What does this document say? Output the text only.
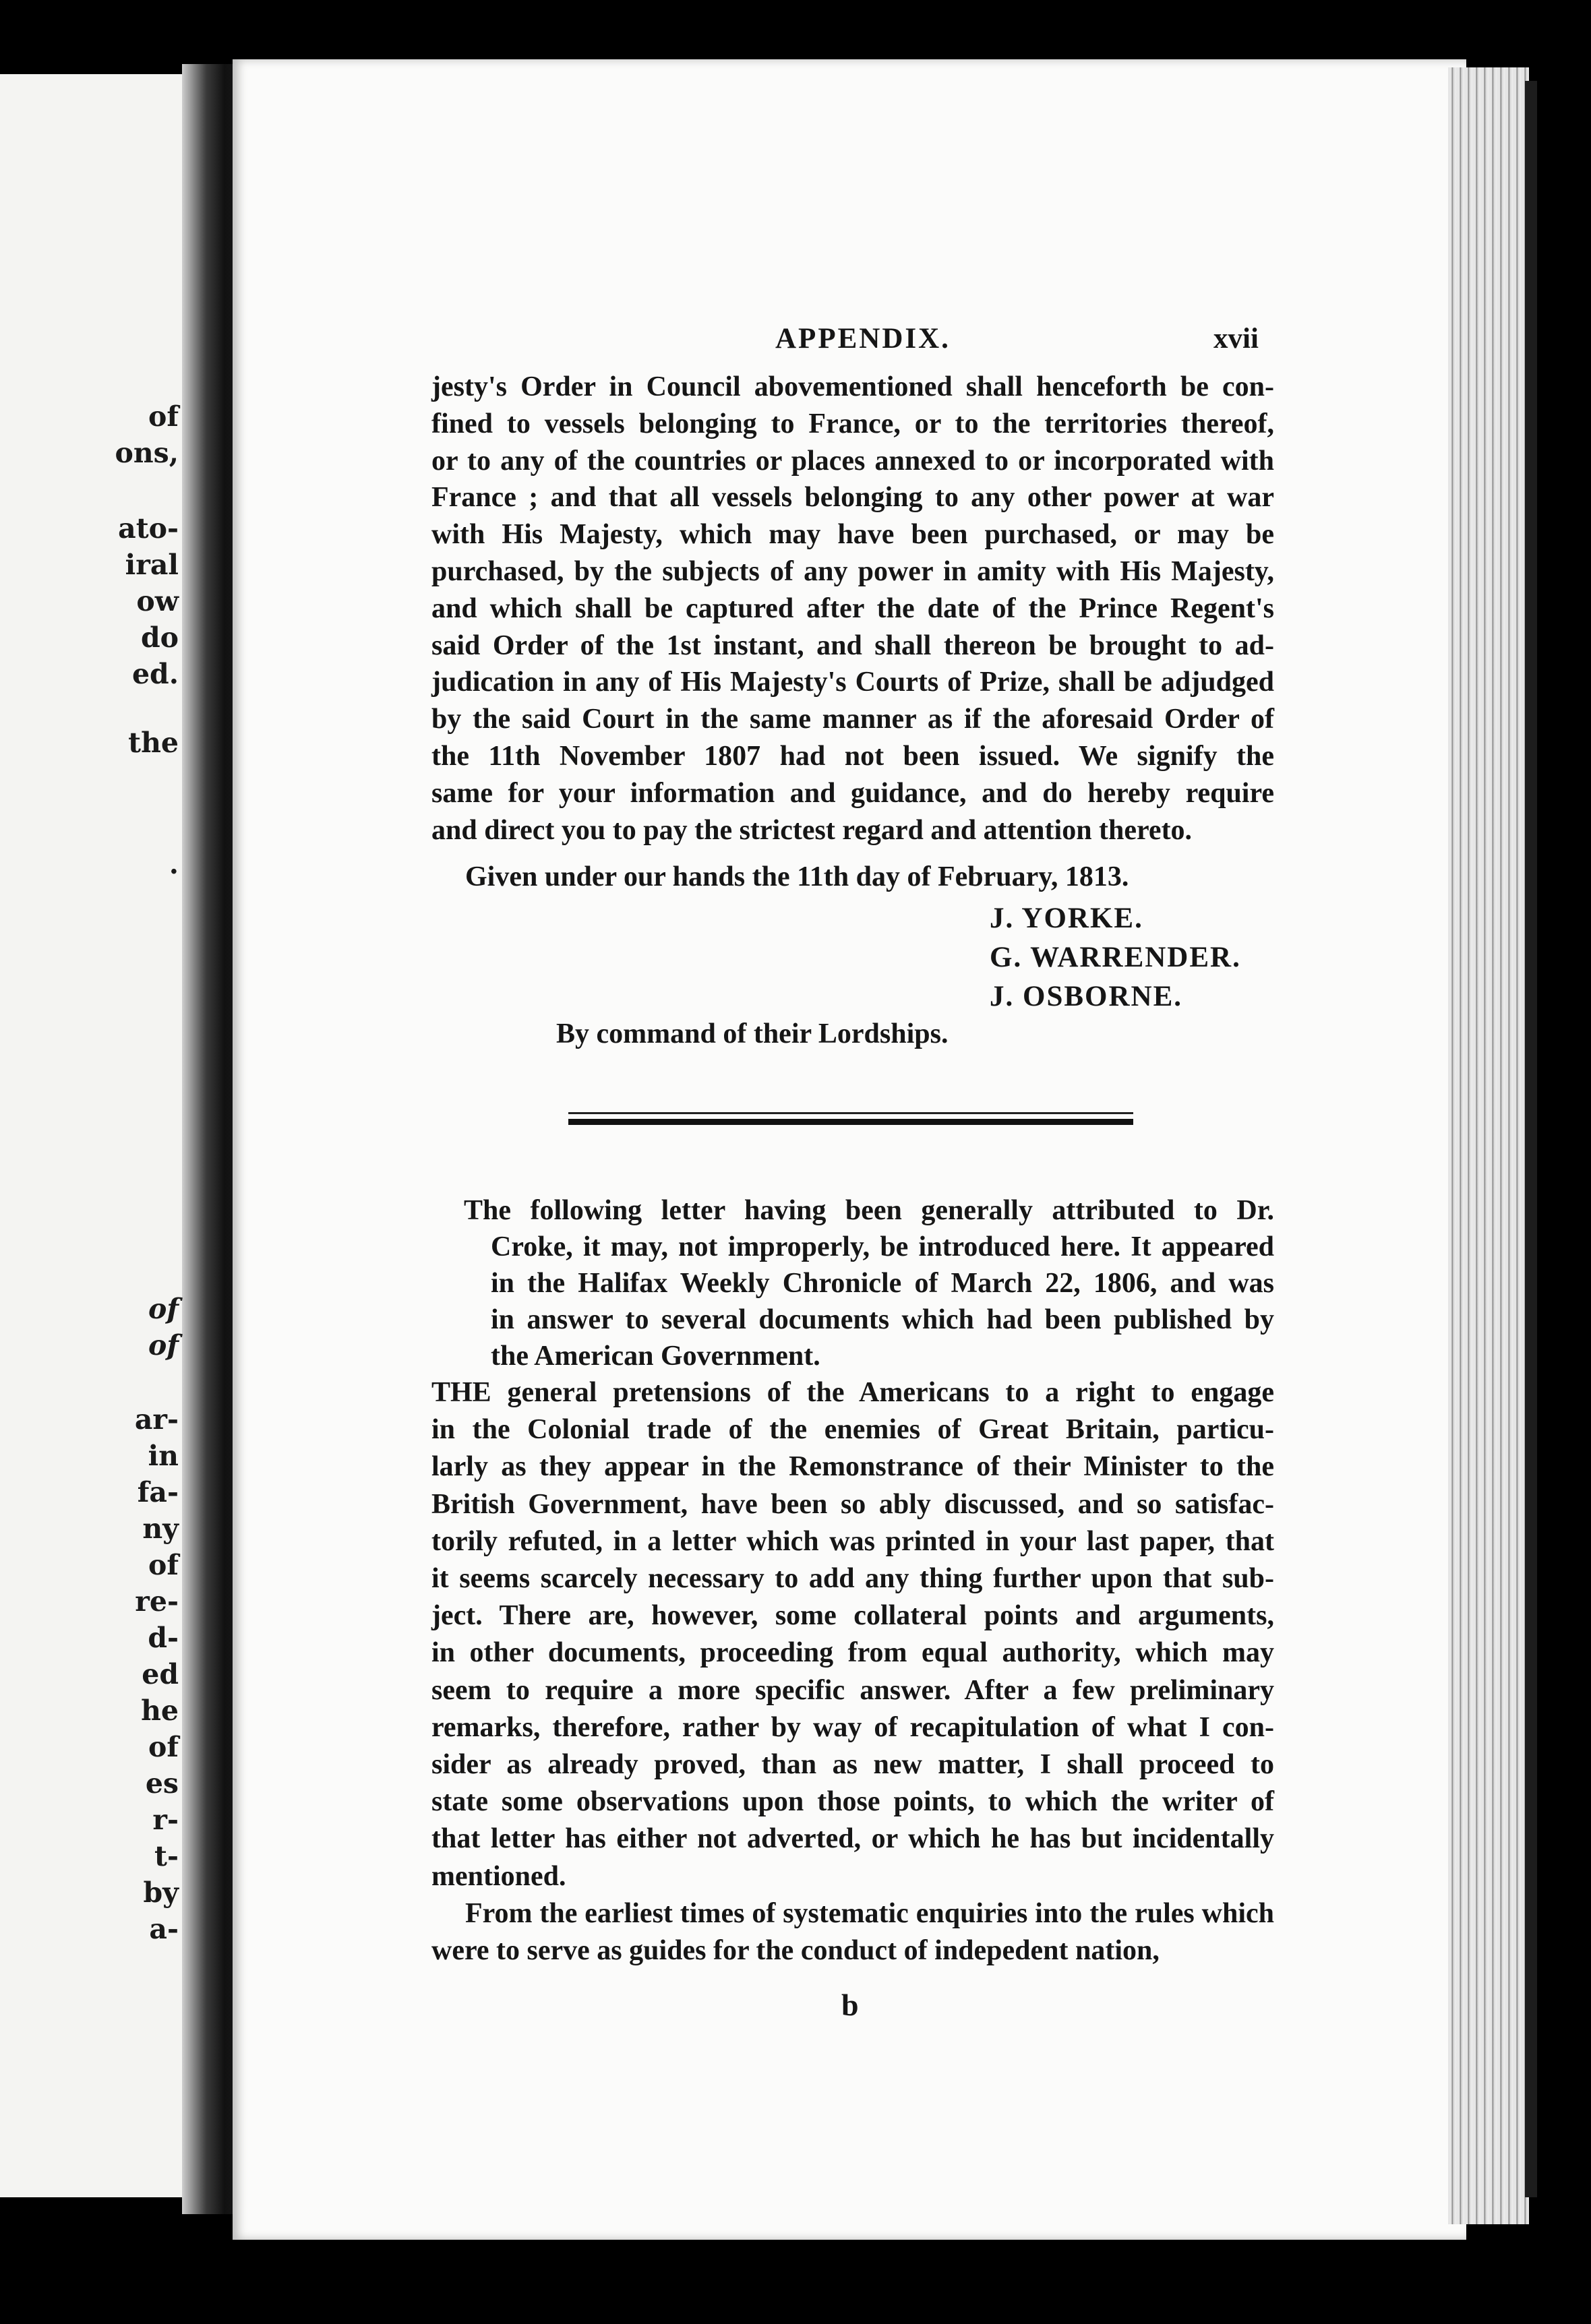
of
ons,
ato-
iral
ow
do
ed.
the
.
of
of
ar-
in
fa-
ny
of
re-
d-
ed
he
of
es
r-
t-
by
a-
APPENDIX.	xvii
jesty's Order in Council abovementioned shall henceforth be con-
fined to vessels belonging to France, or to the territories thereof,
or to any of the countries or places annexed to or incorporated with
France ; and that all vessels belonging to any other power at war
with His Majesty, which may have been purchased, or may be
purchased, by the subjects of any power in amity with His Majesty,
and which shall be captured after the date of the Prince Regent's
said Order of the 1st instant, and shall thereon be brought to ad-
judication in any of His Majesty's Courts of Prize, shall be adjudged
by the said Court in the same manner as if the aforesaid Order of
the 11th November 1807 had not been issued. We signify the
same for your information and guidance, and do hereby require
and direct you to pay the strictest regard and attention thereto.
Given under our hands the 11th day of February, 1813.
J. YORKE.
G. WARRENDER.
J. OSBORNE.
By command of their Lordships.
The following letter having been generally attributed to Dr.
Croke, it may, not improperly, be introduced here. It appeared
in the Halifax Weekly Chronicle of March 22, 1806, and was
in answer to several documents which had been published by
the American Government.
THE general pretensions of the Americans to a right to engage
in the Colonial trade of the enemies of Great Britain, particu-
larly as they appear in the Remonstrance of their Minister to the
British Government, have been so ably discussed, and so satisfac-
torily refuted, in a letter which was printed in your last paper, that
it seems scarcely necessary to add any thing further upon that sub-
ject. There are, however, some collateral points and arguments,
in other documents, proceeding from equal authority, which may
seem to require a more specific answer. After a few preliminary
remarks, therefore, rather by way of recapitulation of what I con-
sider as already proved, than as new matter, I shall proceed to
state some observations upon those points, to which the writer of
that letter has either not adverted, or which he has but incidentally
mentioned.
From the earliest times of systematic enquiries into the rules which
were to serve as guides for the conduct of indepedent nation,
b
